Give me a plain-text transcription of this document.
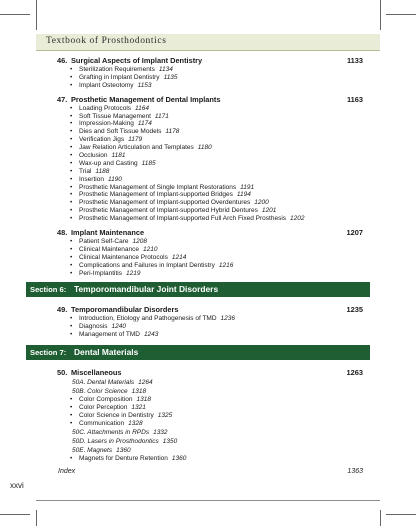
xxvi
Textbook of Prosthodontics
46. Surgical Aspects of Implant Dentistry	1133
• Sterilization Requirements 1134
• Grafting in Implant Dentistry 1135
• Implant Osteotomy 1153
47. Prosthetic Management of Dental Implants	1163
• Loading Protocols 1164
• Soft Tissue Management 1171
• Impression-Making 1174
• Dies and Soft Tissue Models 1178
• Verification Jigs 1179
• Jaw Relation Articulation and Templates 1180
• Occlusion 1181
• Wax-up and Casting 1185
• Trial 1188
• Insertion 1190
• Prosthetic Management of Single Implant Restorations 1191
• Prosthetic Management of Implant-supported Bridges 1194
• Prosthetic Management of Implant-supported Overdentures 1200
• Prosthetic Management of Implant-supported Hybrid Dentures 1201
• Prosthetic Management of Implant-supported Full Arch Fixed Prosthesis 1202
48. Implant Maintenance	1207
• Patient Self-Care 1208
• Clinical Maintenance 1210
• Clinical Maintenance Protocols 1214
• Complications and Failures in Implant Dentistry 1216
• Peri-Implantitis 1219
Section 6: Temporomandibular Joint Disorders
49. Temporomandibular Disorders	1235
• Introduction, Etiology and Pathogenesis of TMD 1236
• Diagnosis 1240
• Management of TMD 1243
Section 7: Dental Materials
50. Miscellaneous	1263
50A. Dental Materials 1264
50B. Color Science 1318
• Color Composition 1318
• Color Perception 1321
• Color Science in Dentistry 1325
• Communication 1328
50C. Attachments in RPDs 1332
50D. Lasers in Prosthodontics 1350
50E. Magnets 1360
• Magnets for Denture Retention 1360
Index	1363
